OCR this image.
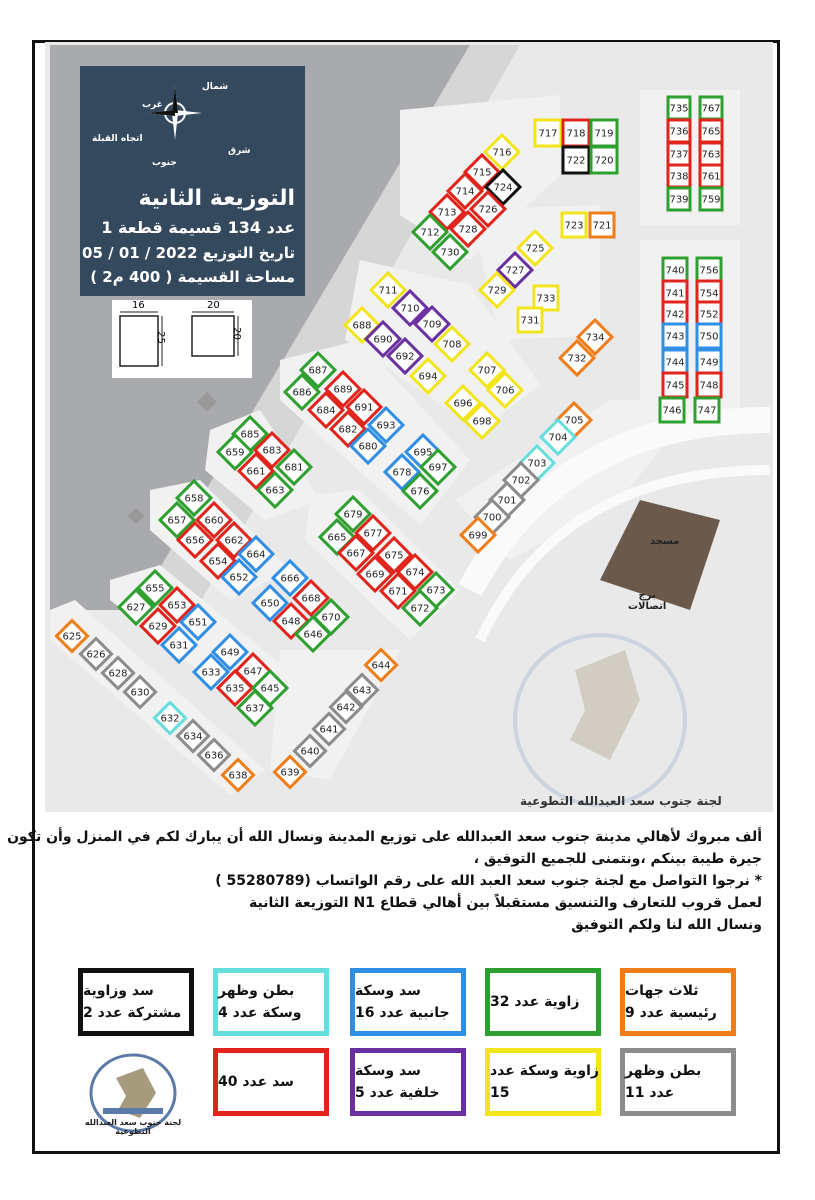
735 767
736 765
737 763
738 761
739 759
740 756
741 754
742 752
743 750
744 749
745 748
746 747
717 718 719
722 720
716
715
714 724
713 726
712 728
730
723 721
725
727
729
733
731
734
732
711
710
709
688
690	708
692
694
707
706
696
698
687
689
686
691
684
682 693
680
695
678 697
676
705
704
703
702
701
700
699
685
683
659
681
661
663
658
657 660
662
656
654
664
652
679
665 677
667 675
669 674
671 673
672
666
650 668
648 670
646
655
627 653
629 651
631
649
633 647
635 645
637
625
626
628
630
632
634
636
638
644
643
642
641
640
639
شمال
غرب
شرق
اتجاه القبلة
جنوب
التوزيعة الثانية
عدد 134 قسيمة قطعة 1
تاريخ التوزيع 2022 / 01 / 05
مساحة القسيمة ( 400 م2 )
16
25
20
20
مسجد
برج
اتصالات
لجنة جنوب سعد العبدالله التطوعية
ألف مبروك لأهالي مدينة جنوب سعد العبدالله على توزيع المدينة ونسال الله أن يبارك لكم في المنزل وأن تكون
جيرة طيبة بينكم ،ونتمنى للجميع التوفيق ،
* نرجوا التواصل مع لجنة جنوب سعد العبد الله على رقم الواتساب (55280789 )
لعمل قروب للتعارف والتنسيق مستقبلاً بين أهالي قطاع N1 التوزيعة الثانية
ونسال الله لنا ولكم التوفيق
ثلاث جهات
رئيسية عدد 9
زاوية عدد 32
سد وسكة
جانبية عدد 16
بطن وظهر
وسكة عدد 4
سد وزاوية
مشتركة عدد 2
بطن وظهر
عدد 11
زاوية وسكة عدد
15
سد وسكة
خلفية عدد 5
سد عدد 40
لجنة جنوب سعد العبدالله التطوعية
